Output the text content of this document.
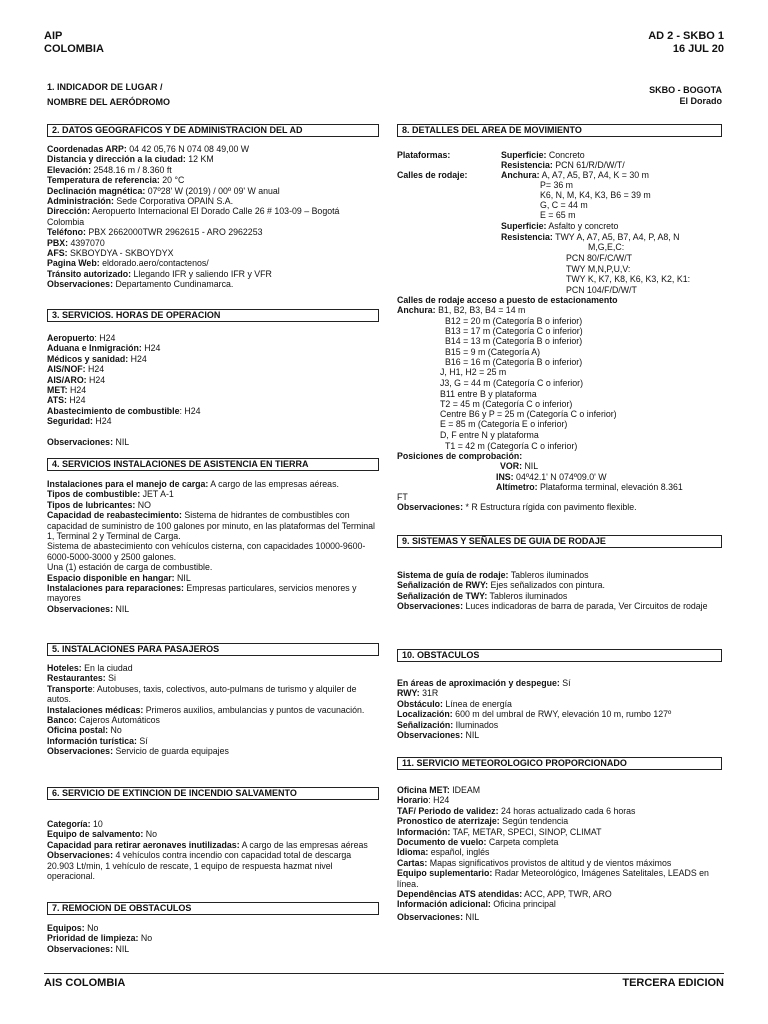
AIP
COLOMBIA
AD 2 - SKBO 1
16 JUL 20
1. INDICADOR DE LUGAR /
NOMBRE DEL AERÓDROMO
SKBO - BOGOTA
El Dorado
2. DATOS GEOGRAFICOS Y DE ADMINISTRACION DEL AD
Coordenadas ARP: 04 42 05,76 N 074 08 49,00 W
Distancia y dirección a la ciudad: 12 KM
Elevación: 2548.16 m / 8.360 ft
Temperatura de referencia: 20 °C
Declinación magnética: 07º28' W (2019) / 00º 09' W anual
Administración: Sede Corporativa OPAIN S.A.
Dirección: Aeropuerto Internacional El Dorado Calle 26 # 103-09 – Bogotá Colombia
Teléfono: PBX 2662000TWR 2962615 - ARO 2962253
PBX: 4397070
AFS: SKBOYDYA - SKBOYDYX
Pagina Web: eldorado.aero/contactenos/
Tránsito autorizado: Llegando IFR y saliendo IFR y VFR
Observaciones: Departamento Cundinamarca.
3. SERVICIOS. HORAS DE OPERACION
Aeropuerto: H24
Aduana e Inmigración: H24
Médicos y sanidad: H24
AIS/NOF: H24
AIS/ARO: H24
MET: H24
ATS: H24
Abastecimiento de combustible: H24
Seguridad: H24
Observaciones: NIL
4. SERVICIOS INSTALACIONES DE ASISTENCIA EN TIERRA
Instalaciones para el manejo de carga: A cargo de las empresas aéreas.
Tipos de combustible: JET A-1
Tipos de lubricantes: NO
Capacidad de reabastecimiento: Sistema de hidrantes de combustibles con capacidad de suministro de 100 galones por minuto, en las plataformas del Terminal 1, Terminal 2 y Terminal de Carga.
Sistema de abastecimiento con vehículos cisterna, con capacidades 10000-9600-6000-5000-3000 y 2500 galones.
Una (1) estación de carga de combustible.
Espacio disponible en hangar: NIL
Instalaciones para reparaciones: Empresas particulares, servicios menores y mayores
Observaciones: NIL
5. INSTALACIONES PARA PASAJEROS
Hoteles: En la ciudad
Restaurantes: Si
Transporte: Autobuses, taxis, colectivos, auto-pulmans de turismo y alquiler de autos.
Instalaciones médicas: Primeros auxilios, ambulancias y puntos de vacunación.
Banco: Cajeros Automáticos
Oficina postal: No
Información turística: Sí
Observaciones: Servicio de guarda equipajes
6. SERVICIO DE EXTINCION DE INCENDIO SALVAMENTO
Categoría: 10
Equipo de salvamento: No
Capacidad para retirar aeronaves inutilizadas: A cargo de las empresas aéreas
Observaciones: 4 vehículos contra incendio con capacidad total de descarga 20.903 Lt/min, 1 vehículo de rescate, 1 equipo de respuesta hazmat nivel operacional.
7. REMOCION DE OBSTACULOS
Equipos: No
Prioridad de limpieza: No
Observaciones: NIL
8. DETALLES DEL AREA DE MOVIMIENTO
Plataformas:	Superficie: Concreto
Resistencia: PCN 61/R/D/W/T/
Calles de rodaje:	Anchura: A, A7, A5, B7, A4, K = 30 m
P= 36 m
K6, N, M, K4, K3, B6 = 39 m
G, C = 44 m
E = 65 m
Superficie: Asfalto y concreto
Resistencia: TWY A, A7, A5, B7, A4, P, A8, N
M,G,E,C:
PCN 80/F/C/W/T
TWY M,N,P,U,V:
TWY K, K7, K8, K6, K3, K2, K1:
PCN 104/F/D/W/T
Calles de rodaje acceso a puesto de estacionamento
Anchura: B1, B2, B3, B4 = 14 m
B12 = 20 m (Categoría B o inferior)
B13 = 17 m (Categoría C o inferior)
B14 = 13 m (Categoría B o inferior)
B15 = 9 m (Categoría A)
B16 = 16 m (Categoría B o inferior)
J, H1, H2 = 25 m
J3, G = 44 m (Categoría C o inferior)
B11 entre B y plataforma
T2 = 45 m (Categoría C o inferior)
Centre B6 y P = 25 m (Categoría C o inferior)
E = 85 m (Categoría E o inferior)
D, F entre N y plataforma
T1 = 42 m (Categoría C o inferior)
Posiciones de comprobación:
VOR: NIL
INS: 04º42.1' N 074º09.0' W
Altímetro: Plataforma terminal, elevación 8.361
FT
Observaciones: * R Estructura rígida con pavimento flexible.
9. SISTEMAS Y SEÑALES DE GUIA DE RODAJE
Sistema de guía de rodaje: Tableros iluminados
Señalización de RWY: Ejes señalizados con pintura.
Señalización de TWY: Tableros iluminados
Observaciones: Luces indicadoras de barra de parada, Ver Circuitos de rodaje
10. OBSTACULOS
En áreas de aproximación y despegue: Sí
RWY: 31R
Obstáculo: Línea de energía
Localización: 600 m del umbral de RWY, elevación 10 m, rumbo 127º
Señalización: Iluminados
Observaciones: NIL
11. SERVICIO METEOROLOGICO PROPORCIONADO
Oficina MET: IDEAM
Horario: H24
TAF/ Periodo de validez: 24 horas actualizado cada 6 horas
Pronostico de aterrizaje: Según tendencia
Información: TAF, METAR, SPECI, SINOP, CLIMAT
Documento de vuelo: Carpeta completa
Idioma: español, inglés
Cartas: Mapas significativos provistos de altitud y de vientos máximos
Equipo suplementario: Radar Meteorológico, Imágenes Satelitales, LEADS en línea.
Dependências ATS atendidas: ACC, APP, TWR, ARO
Información adicional: Oficina principal
Observaciones: NIL
AIS COLOMBIA	TERCERA EDICION
